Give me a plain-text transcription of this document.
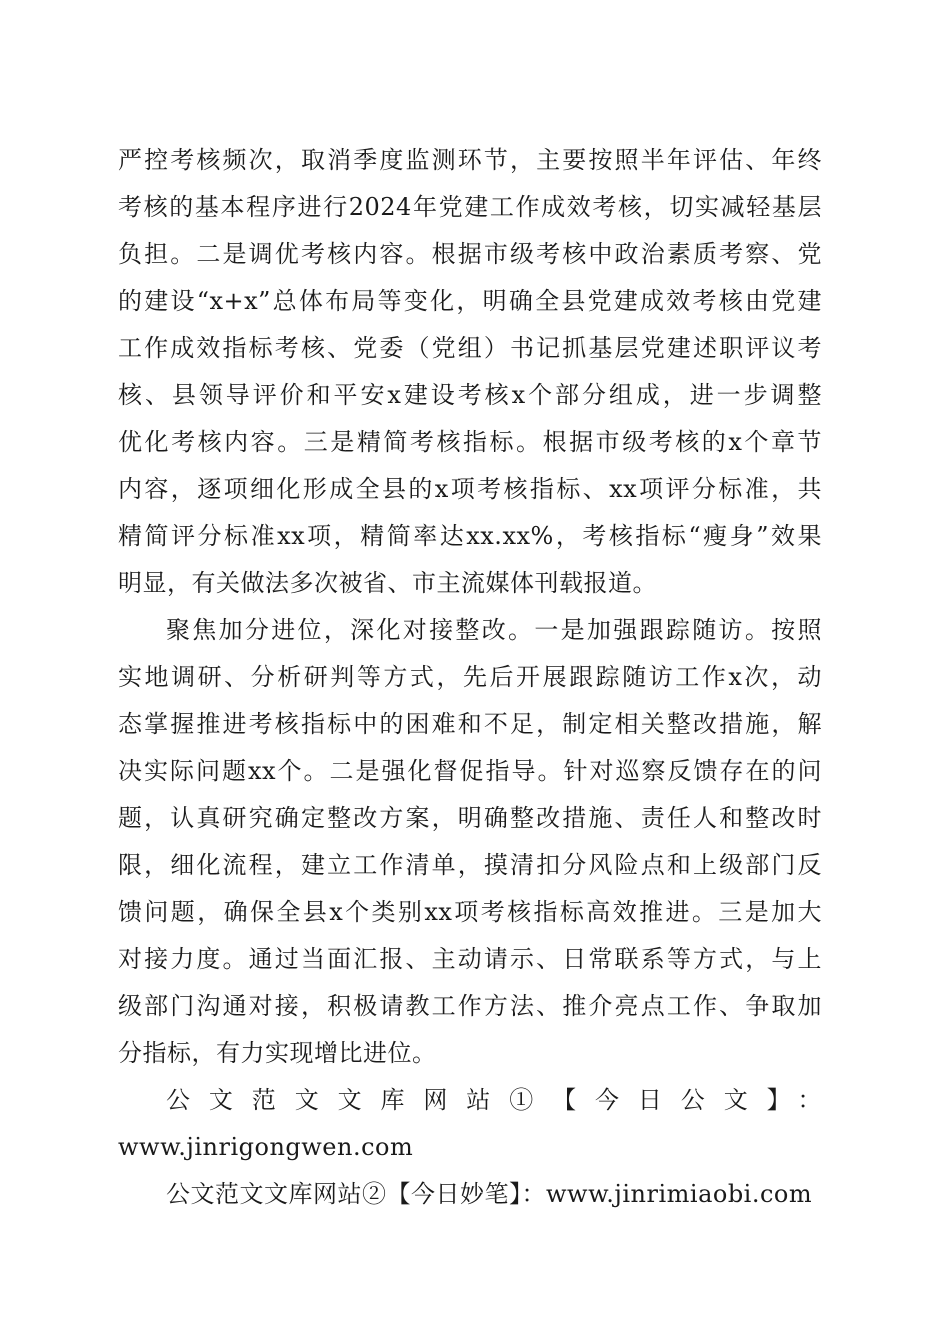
严控考核频次，取消季度监测环节，主要按照半年评估、年终
考核的基本程序进行2024年党建工作成效考核，切实减轻基层
负担。二是调优考核内容。根据市级考核中政治素质考察、党
的建设“x+x”总体布局等变化，明确全县党建成效考核由党建
工作成效指标考核、党委（党组）书记抓基层党建述职评议考
核、县领导评价和平安x建设考核x个部分组成，进一步调整
优化考核内容。三是精简考核指标。根据市级考核的x个章节
内容，逐项细化形成全县的x项考核指标、xx项评分标准，共
精简评分标准xx项，精简率达xx.xx%，考核指标“瘦身”效果
明显，有关做法多次被省、市主流媒体刊载报道。
聚焦加分进位，深化对接整改。一是加强跟踪随访。按照
实地调研、分析研判等方式，先后开展跟踪随访工作x次，动
态掌握推进考核指标中的困难和不足，制定相关整改措施，解
决实际问题xx个。二是强化督促指导。针对巡察反馈存在的问
题，认真研究确定整改方案，明确整改措施、责任人和整改时
限，细化流程，建立工作清单，摸清扣分风险点和上级部门反
馈问题，确保全县x个类别xx项考核指标高效推进。三是加大
对接力度。通过当面汇报、主动请示、日常联系等方式，与上
级部门沟通对接，积极请教工作方法、推介亮点工作、争取加
分指标，有力实现增比进位。
公文范文文库网站①【今日公文】：
www.jinrigongwen.com
公文范文文库网站②【今日妙笔】：www.jinrimiaobi.com
